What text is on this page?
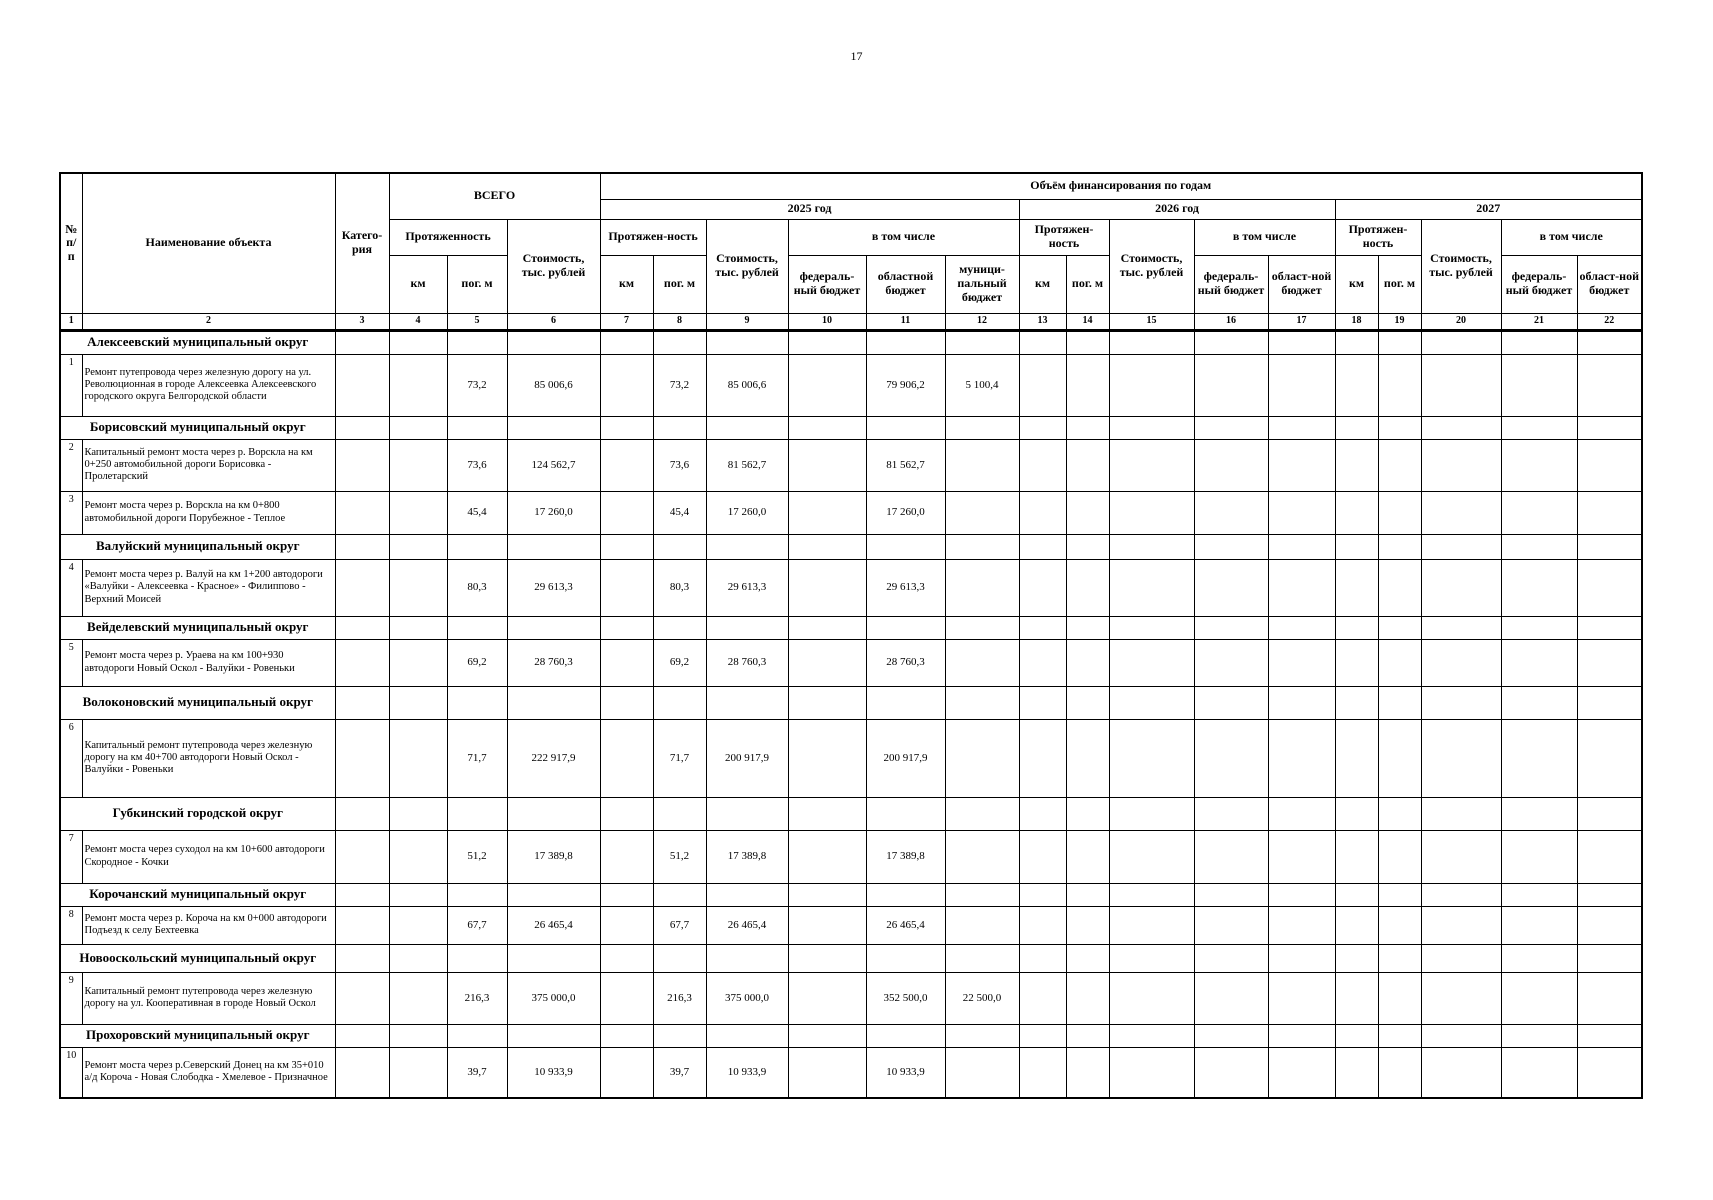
17
№ п/п	Наименование объекта	Катего-рия	ВСЕГО			Объём финансирования по годам															
						2025 год						2026 год					2027				
			Протяженность		Стоимость, тыс. рублей	Протяжен-ность		Стоимость, тыс. рублей	в том числе			Протяжен-ность		Стоимость, тыс. рублей	в том числе		Протяжен-ность		Стоимость, тыс. рублей	в том числе	
			км	пог. м		км	пог. м		федераль-ный бюджет	областной бюджет	муници-пальный бюджет	км	пог. м		федераль-ный бюджет	област-ной бюджет	км	пог. м		федераль-ный бюджет	област-ной бюджет
1	2	3	4	5	6	7	8	9	10	11	12	13	14	15	16	17	18	19	20	21	22
Алексеевский муниципальный округ																					
1	Ремонт путепровода через железную дорогу на ул. Революционная в городе Алексеевка Алексеевского городского округа Белгородской области			73,2	85 006,6		73,2	85 006,6		79 906,2	5 100,4										
Борисовский муниципальный округ																					
2	Капитальный ремонт моста через р. Ворскла на км 0+250 автомобильной дороги Борисовка - Пролетарский			73,6	124 562,7		73,6	81 562,7		81 562,7											
3	Ремонт моста через р. Ворскла на км 0+800 автомобильной дороги Порубежное - Теплое			45,4	17 260,0		45,4	17 260,0		17 260,0											
Валуйский муниципальный округ																					
4	Ремонт моста через р. Валуй на км 1+200 автодороги «Валуйки - Алексеевка - Красное» - Филиппово - Верхний Моисей			80,3	29 613,3		80,3	29 613,3		29 613,3											
Вейделевский муниципальный округ																					
5	Ремонт моста через р. Ураева на км 100+930 автодороги Новый Оскол - Валуйки - Ровеньки			69,2	28 760,3		69,2	28 760,3		28 760,3											
Волоконовский муниципальный округ																					
6	Капитальный ремонт путепровода через железную дорогу на км 40+700 автодороги Новый Оскол - Валуйки - Ровеньки			71,7	222 917,9		71,7	200 917,9		200 917,9											
Губкинский городской округ																					
7	Ремонт моста через суходол на км 10+600 автодороги Скородное - Кочки			51,2	17 389,8		51,2	17 389,8		17 389,8											
Корочанский муниципальный округ																					
8	Ремонт моста через р. Короча на км 0+000 автодороги Подъезд к селу Бехтеевка			67,7	26 465,4		67,7	26 465,4		26 465,4											
Новооскольский муниципальный округ																					
9	Капитальный ремонт путепровода через железную дорогу на ул. Кооперативная в городе Новый Оскол			216,3	375 000,0		216,3	375 000,0		352 500,0	22 500,0										
Прохоровский муниципальный округ																					
10	Ремонт моста через р.Северский Донец на км 35+010 а/д Короча - Новая Слободка - Хмелевое - Призначное			39,7	10 933,9		39,7	10 933,9		10 933,9											
